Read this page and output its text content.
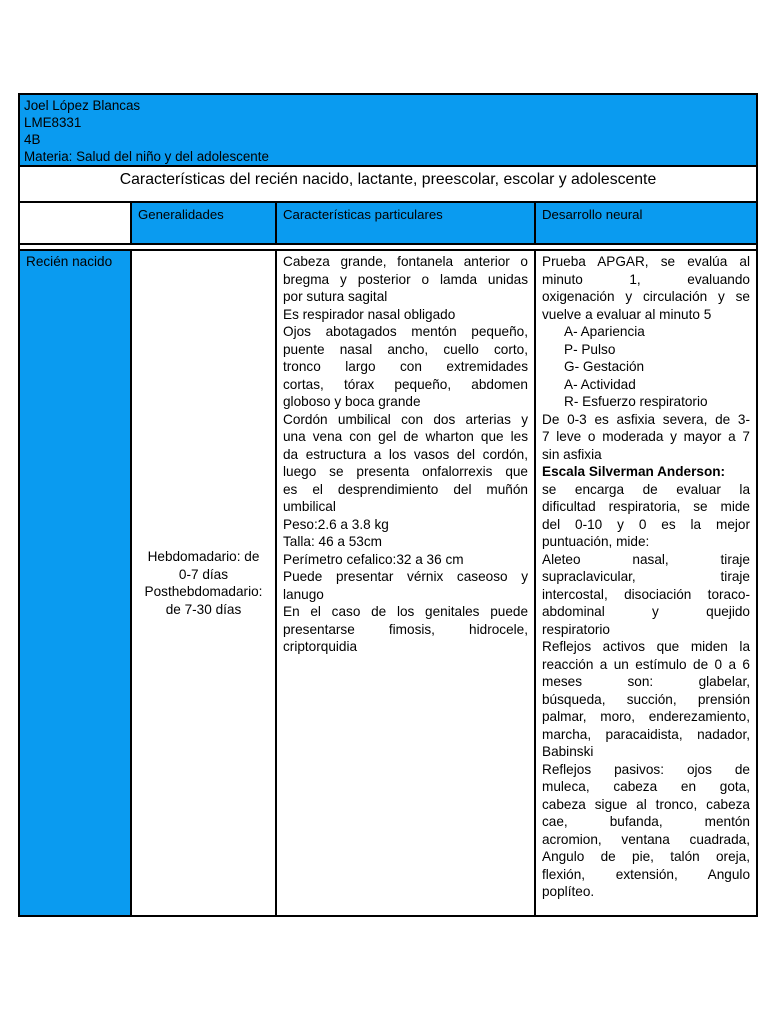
Joel López Blancas
LME8331
4B
Materia: Salud del niño y del adolescente
Características del recién nacido, lactante, preescolar, escolar y adolescente
Generalidades	Características particulares	Desarrollo neural
Recién nacido
Hebdomadario: de
0-7 días
Posthebdomadario:
de 7-30 días
Cabeza grande, fontanela anterior o
bregma y posterior o lamda unidas
por sutura sagital
Es respirador nasal obligado
Ojos abotagados mentón pequeño,
puente nasal ancho, cuello corto,
tronco largo con extremidades
cortas, tórax pequeño, abdomen
globoso y boca grande
Cordón umbilical con dos arterias y
una vena con gel de wharton que les
da estructura a los vasos del cordón,
luego se presenta onfalorrexis que
es el desprendimiento del muñón
umbilical
Peso:2.6 a 3.8 kg
Talla: 46 a 53cm
Perímetro cefalico:32 a 36 cm
Puede presentar vérnix caseoso y
lanugo
En el caso de los genitales puede
presentarse fimosis, hidrocele,
criptorquidia
Prueba APGAR, se evalúa al
minuto 1, evaluando
oxigenación y circulación y se
vuelve a evaluar al minuto 5
A- Apariencia
P- Pulso
G- Gestación
A- Actividad
R- Esfuerzo respiratorio
De 0-3 es asfixia severa, de 3-
7 leve o moderada y mayor a 7
sin asfixia
Escala Silverman Anderson:
se encarga de evaluar la
dificultad respiratoria, se mide
del 0-10 y 0 es la mejor
puntuación, mide:
Aleteo nasal, tiraje
supraclavicular, tiraje
intercostal, disociación toraco-
abdominal y quejido
respiratorio
Reflejos activos que miden la
reacción a un estímulo de 0 a 6
meses son: glabelar,
búsqueda, succión, prensión
palmar, moro, enderezamiento,
marcha, paracaidista, nadador,
Babinski
Reflejos pasivos: ojos de
muleca, cabeza en gota,
cabeza sigue al tronco, cabeza
cae, bufanda, mentón
acromion, ventana cuadrada,
Angulo de pie, talón oreja,
flexión, extensión, Angulo
poplíteo.
